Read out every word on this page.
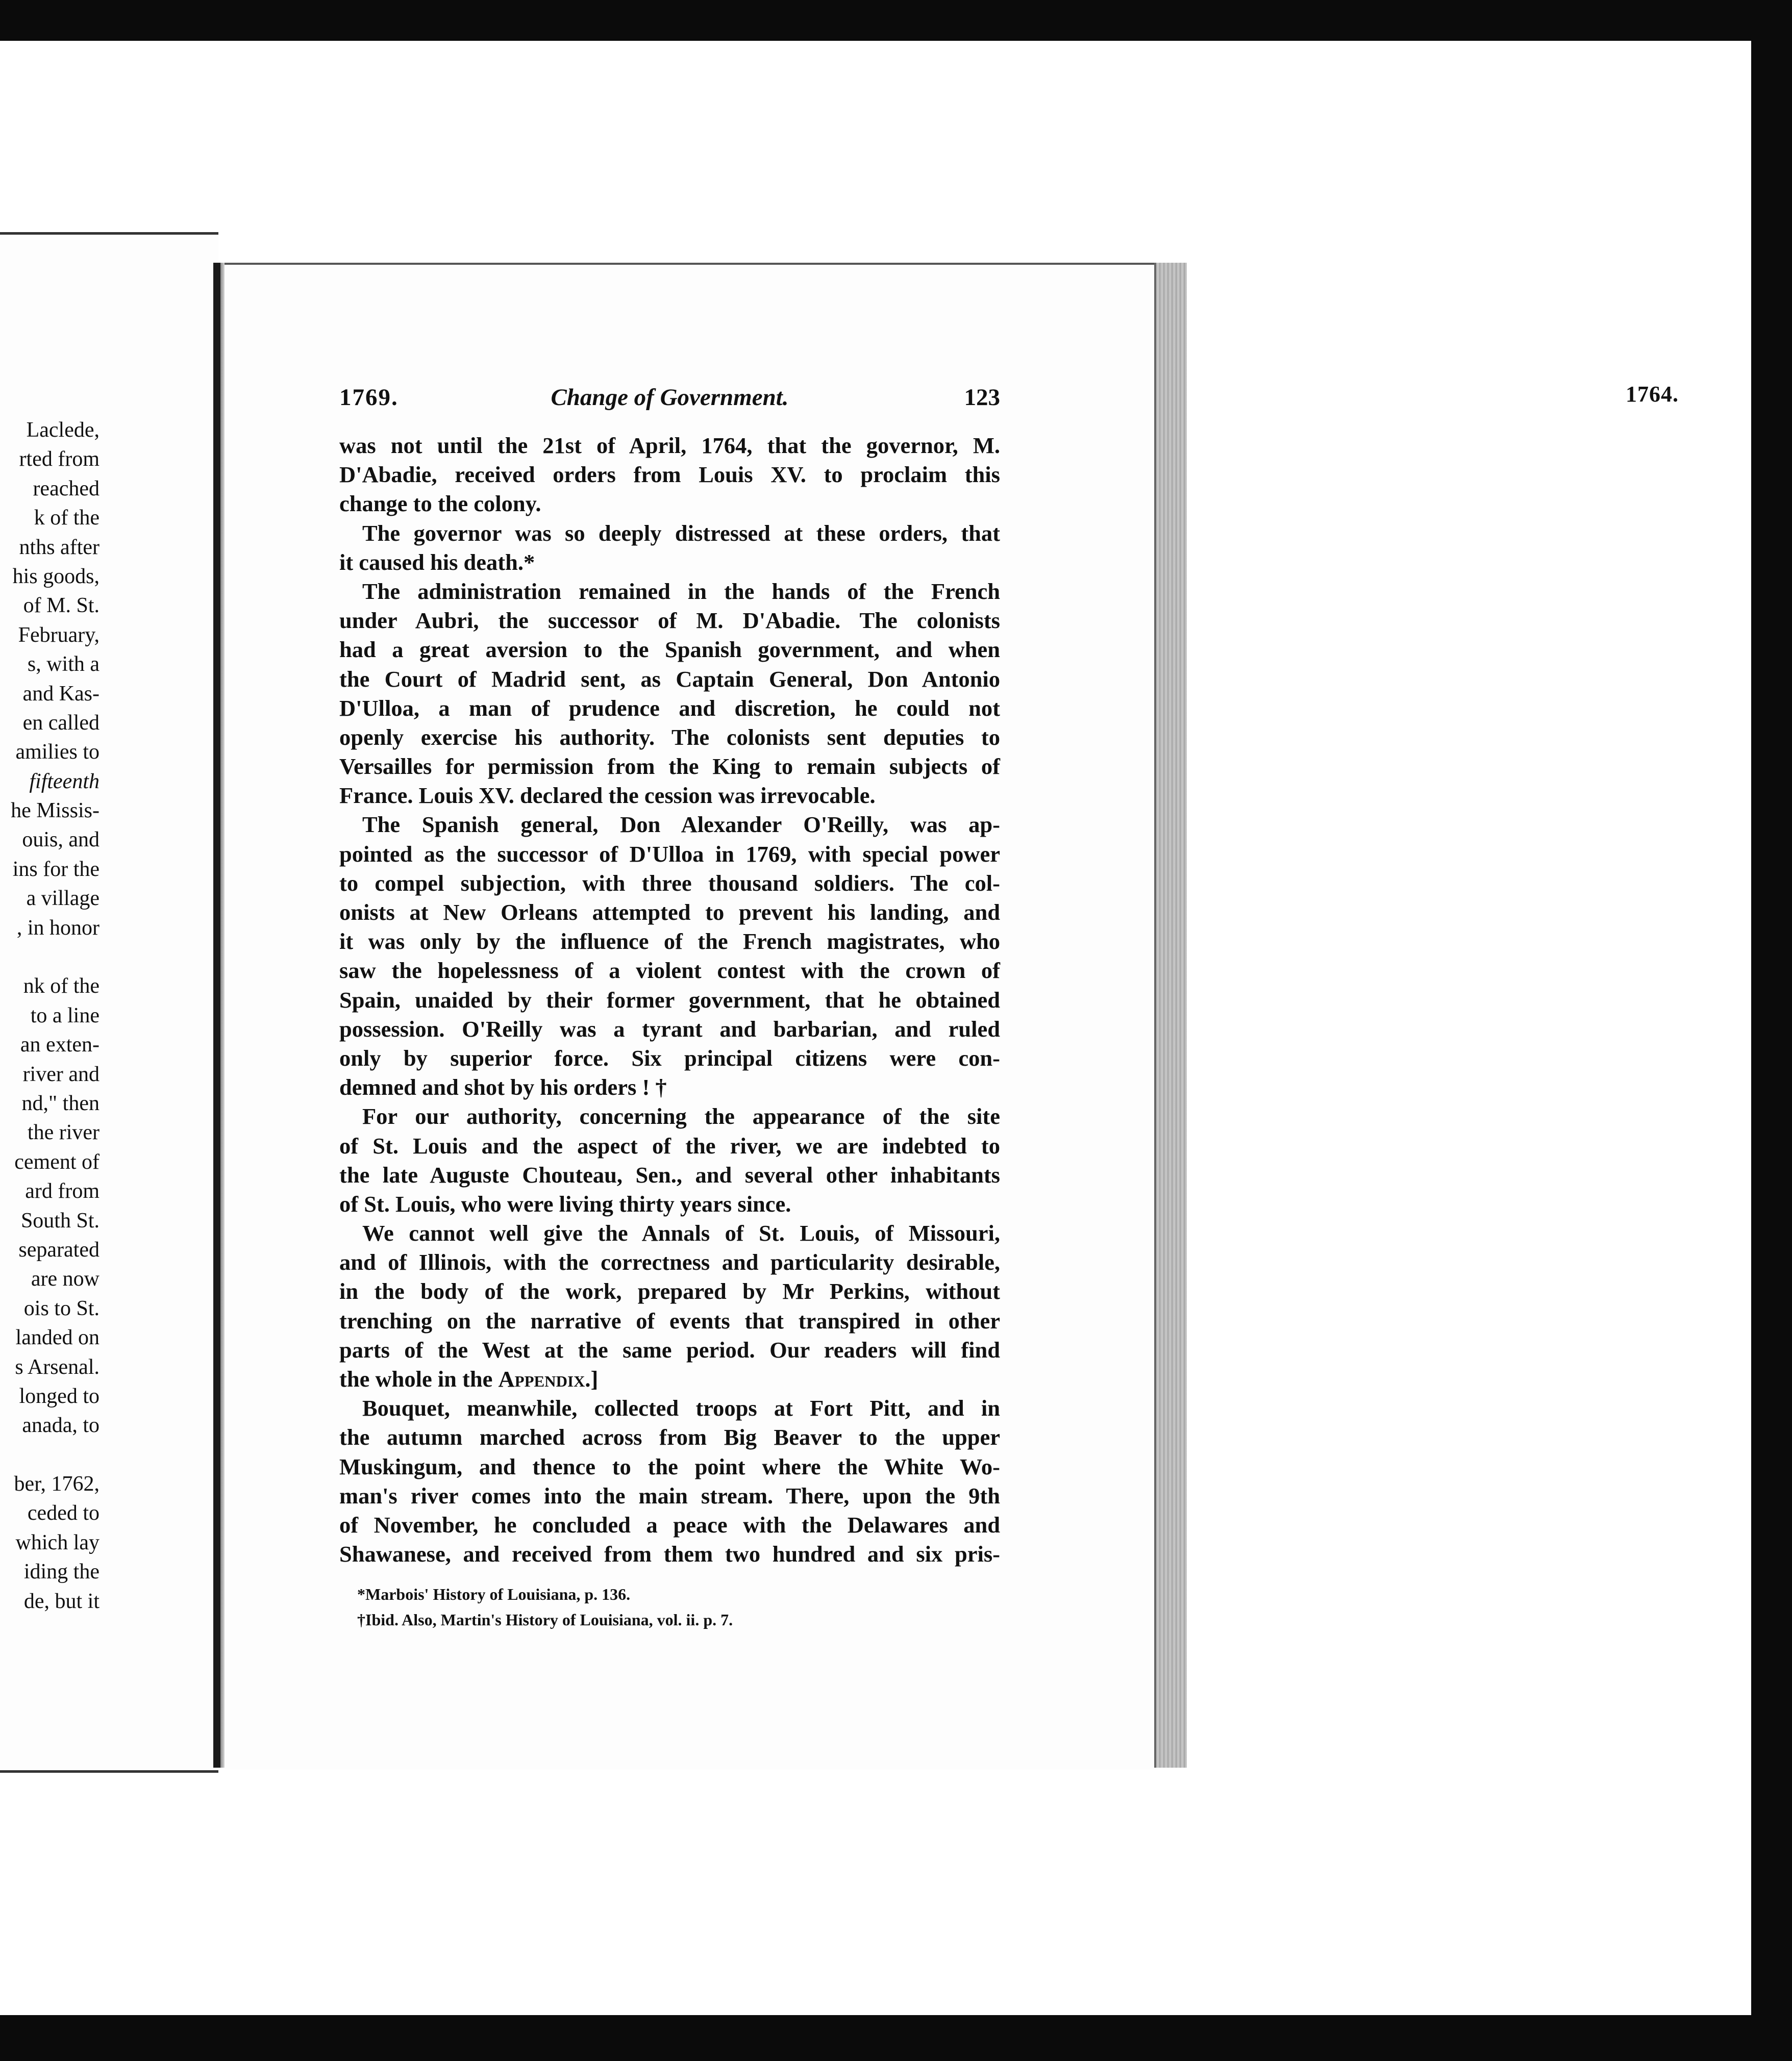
1764.
Laclede,
rted from
reached
k of the
nths after
his goods,
of M. St.
February,
s, with a
and Kas-
en called
amilies to
fifteenth
he Missis-
ouis, and
ins for the
a village
, in honor
nk of the
to a line
an exten-
river and
nd," then
the river
cement of
ard from
South St.
separated
are now
ois to St.
landed on
s Arsenal.
longed to
anada, to
ber, 1762,
ceded to
which lay
iding the
de, but it
1769.	Change of Government.	123
was not until the 21st of April, 1764, that the governor, M.
D'Abadie, received orders from Louis XV. to proclaim this
change to the colony.
The governor was so deeply distressed at these orders, that
it caused his death.*
The administration remained in the hands of the French
under Aubri, the successor of M. D'Abadie. The colonists
had a great aversion to the Spanish government, and when
the Court of Madrid sent, as Captain General, Don Antonio
D'Ulloa, a man of prudence and discretion, he could not
openly exercise his authority. The colonists sent deputies to
Versailles for permission from the King to remain subjects of
France. Louis XV. declared the cession was irrevocable.
The Spanish general, Don Alexander O'Reilly, was ap-
pointed as the successor of D'Ulloa in 1769, with special power
to compel subjection, with three thousand soldiers. The col-
onists at New Orleans attempted to prevent his landing, and
it was only by the influence of the French magistrates, who
saw the hopelessness of a violent contest with the crown of
Spain, unaided by their former government, that he obtained
possession. O'Reilly was a tyrant and barbarian, and ruled
only by superior force. Six principal citizens were con-
demned and shot by his orders ! †
For our authority, concerning the appearance of the site
of St. Louis and the aspect of the river, we are indebted to
the late Auguste Chouteau, Sen., and several other inhabitants
of St. Louis, who were living thirty years since.
We cannot well give the Annals of St. Louis, of Missouri,
and of Illinois, with the correctness and particularity desirable,
in the body of the work, prepared by Mr Perkins, without
trenching on the narrative of events that transpired in other
parts of the West at the same period. Our readers will find
the whole in the Appendix.]
Bouquet, meanwhile, collected troops at Fort Pitt, and in
the autumn marched across from Big Beaver to the upper
Muskingum, and thence to the point where the White Wo-
man's river comes into the main stream. There, upon the 9th
of November, he concluded a peace with the Delawares and
Shawanese, and received from them two hundred and six pris-
*Marbois' History of Louisiana, p. 136.
†Ibid. Also, Martin's History of Louisiana, vol. ii. p. 7.
